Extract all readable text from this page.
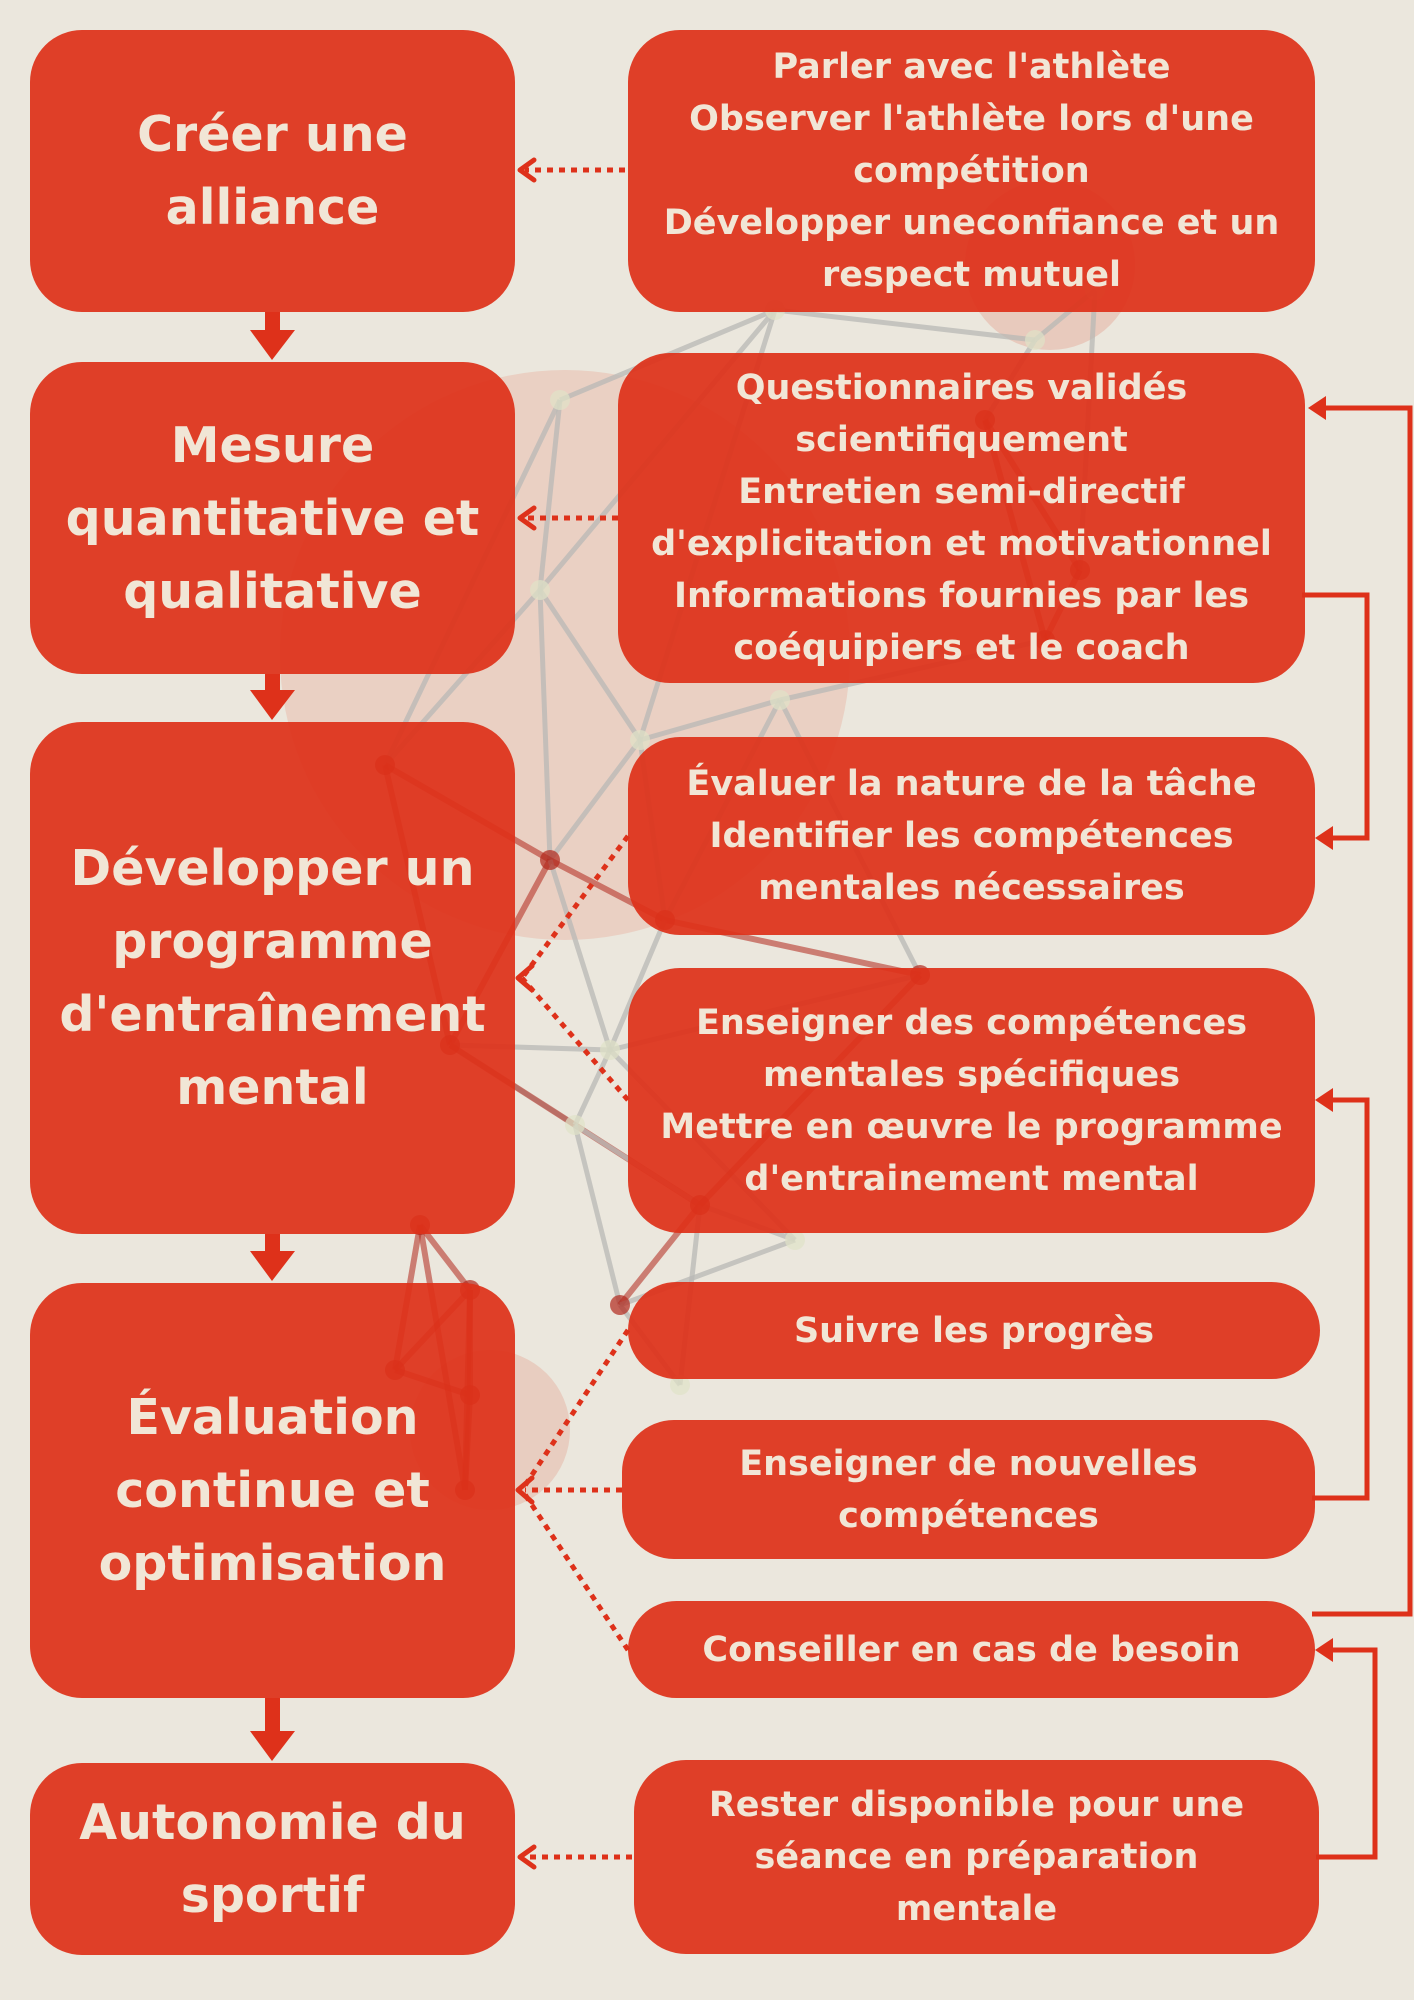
Créer une
alliance
Mesure
quantitative et
qualitative
Développer un
programme
d'entraînement
mental
Évaluation
continue et
optimisation
Autonomie du
sportif
Parler avec l'athlète
Observer l'athlète lors d'une
compétition
Développer uneconfiance et un
respect mutuel
Questionnaires validés
scientifiquement
Entretien semi-directif
d'explicitation et motivationnel
Informations fournies par les
coéquipiers et le coach
Évaluer la nature de la tâche
Identifier les compétences
mentales nécessaires
Enseigner des compétences
mentales spécifiques
Mettre en œuvre le programme
d'entrainement mental
Suivre les progrès
Enseigner de nouvelles
compétences
Conseiller en cas de besoin
Rester disponible pour une
séance en préparation
mentale
